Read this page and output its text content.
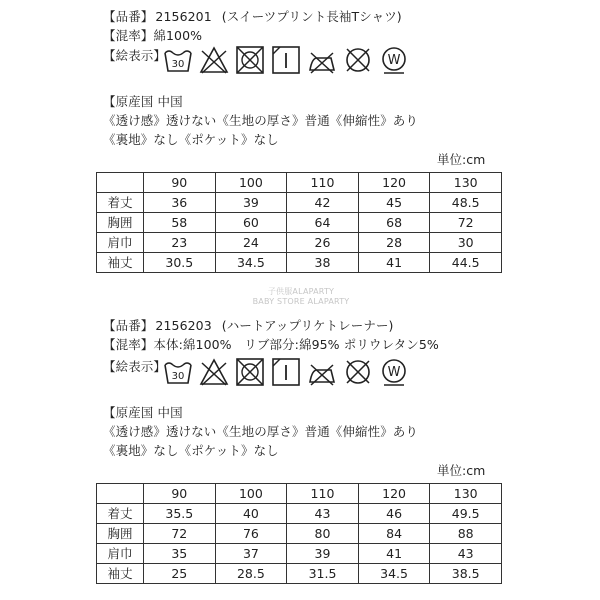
【品番】 2156201 (スイーツプリント長袖Tシャツ)
【混率】綿100%
【絵表示】
30	W
【原産国 中国
《透け感》透けない《生地の厚さ》普通《伸縮性》あり
《裏地》なし《ポケット》なし
単位:cm
	90	100	110	120	130
着丈	36	39	42	45	48.5
胸囲	58	60	64	68	72
肩巾	23	24	26	28	30
袖丈	30.5	34.5	38	41	44.5
子供服ALAPARTY
BABY STORE ALAPARTY
【品番】 2156203 (ハートアップリケトレーナー)
【混率】本体:綿100%　リブ部分:綿95% ポリウレタン5%
【絵表示】
30	W
【原産国 中国
《透け感》透けない《生地の厚さ》普通《伸縮性》あり
《裏地》なし《ポケット》なし
単位:cm
	90	100	110	120	130
着丈	35.5	40	43	46	49.5
胸囲	72	76	80	84	88
肩巾	35	37	39	41	43
袖丈	25	28.5	31.5	34.5	38.5
